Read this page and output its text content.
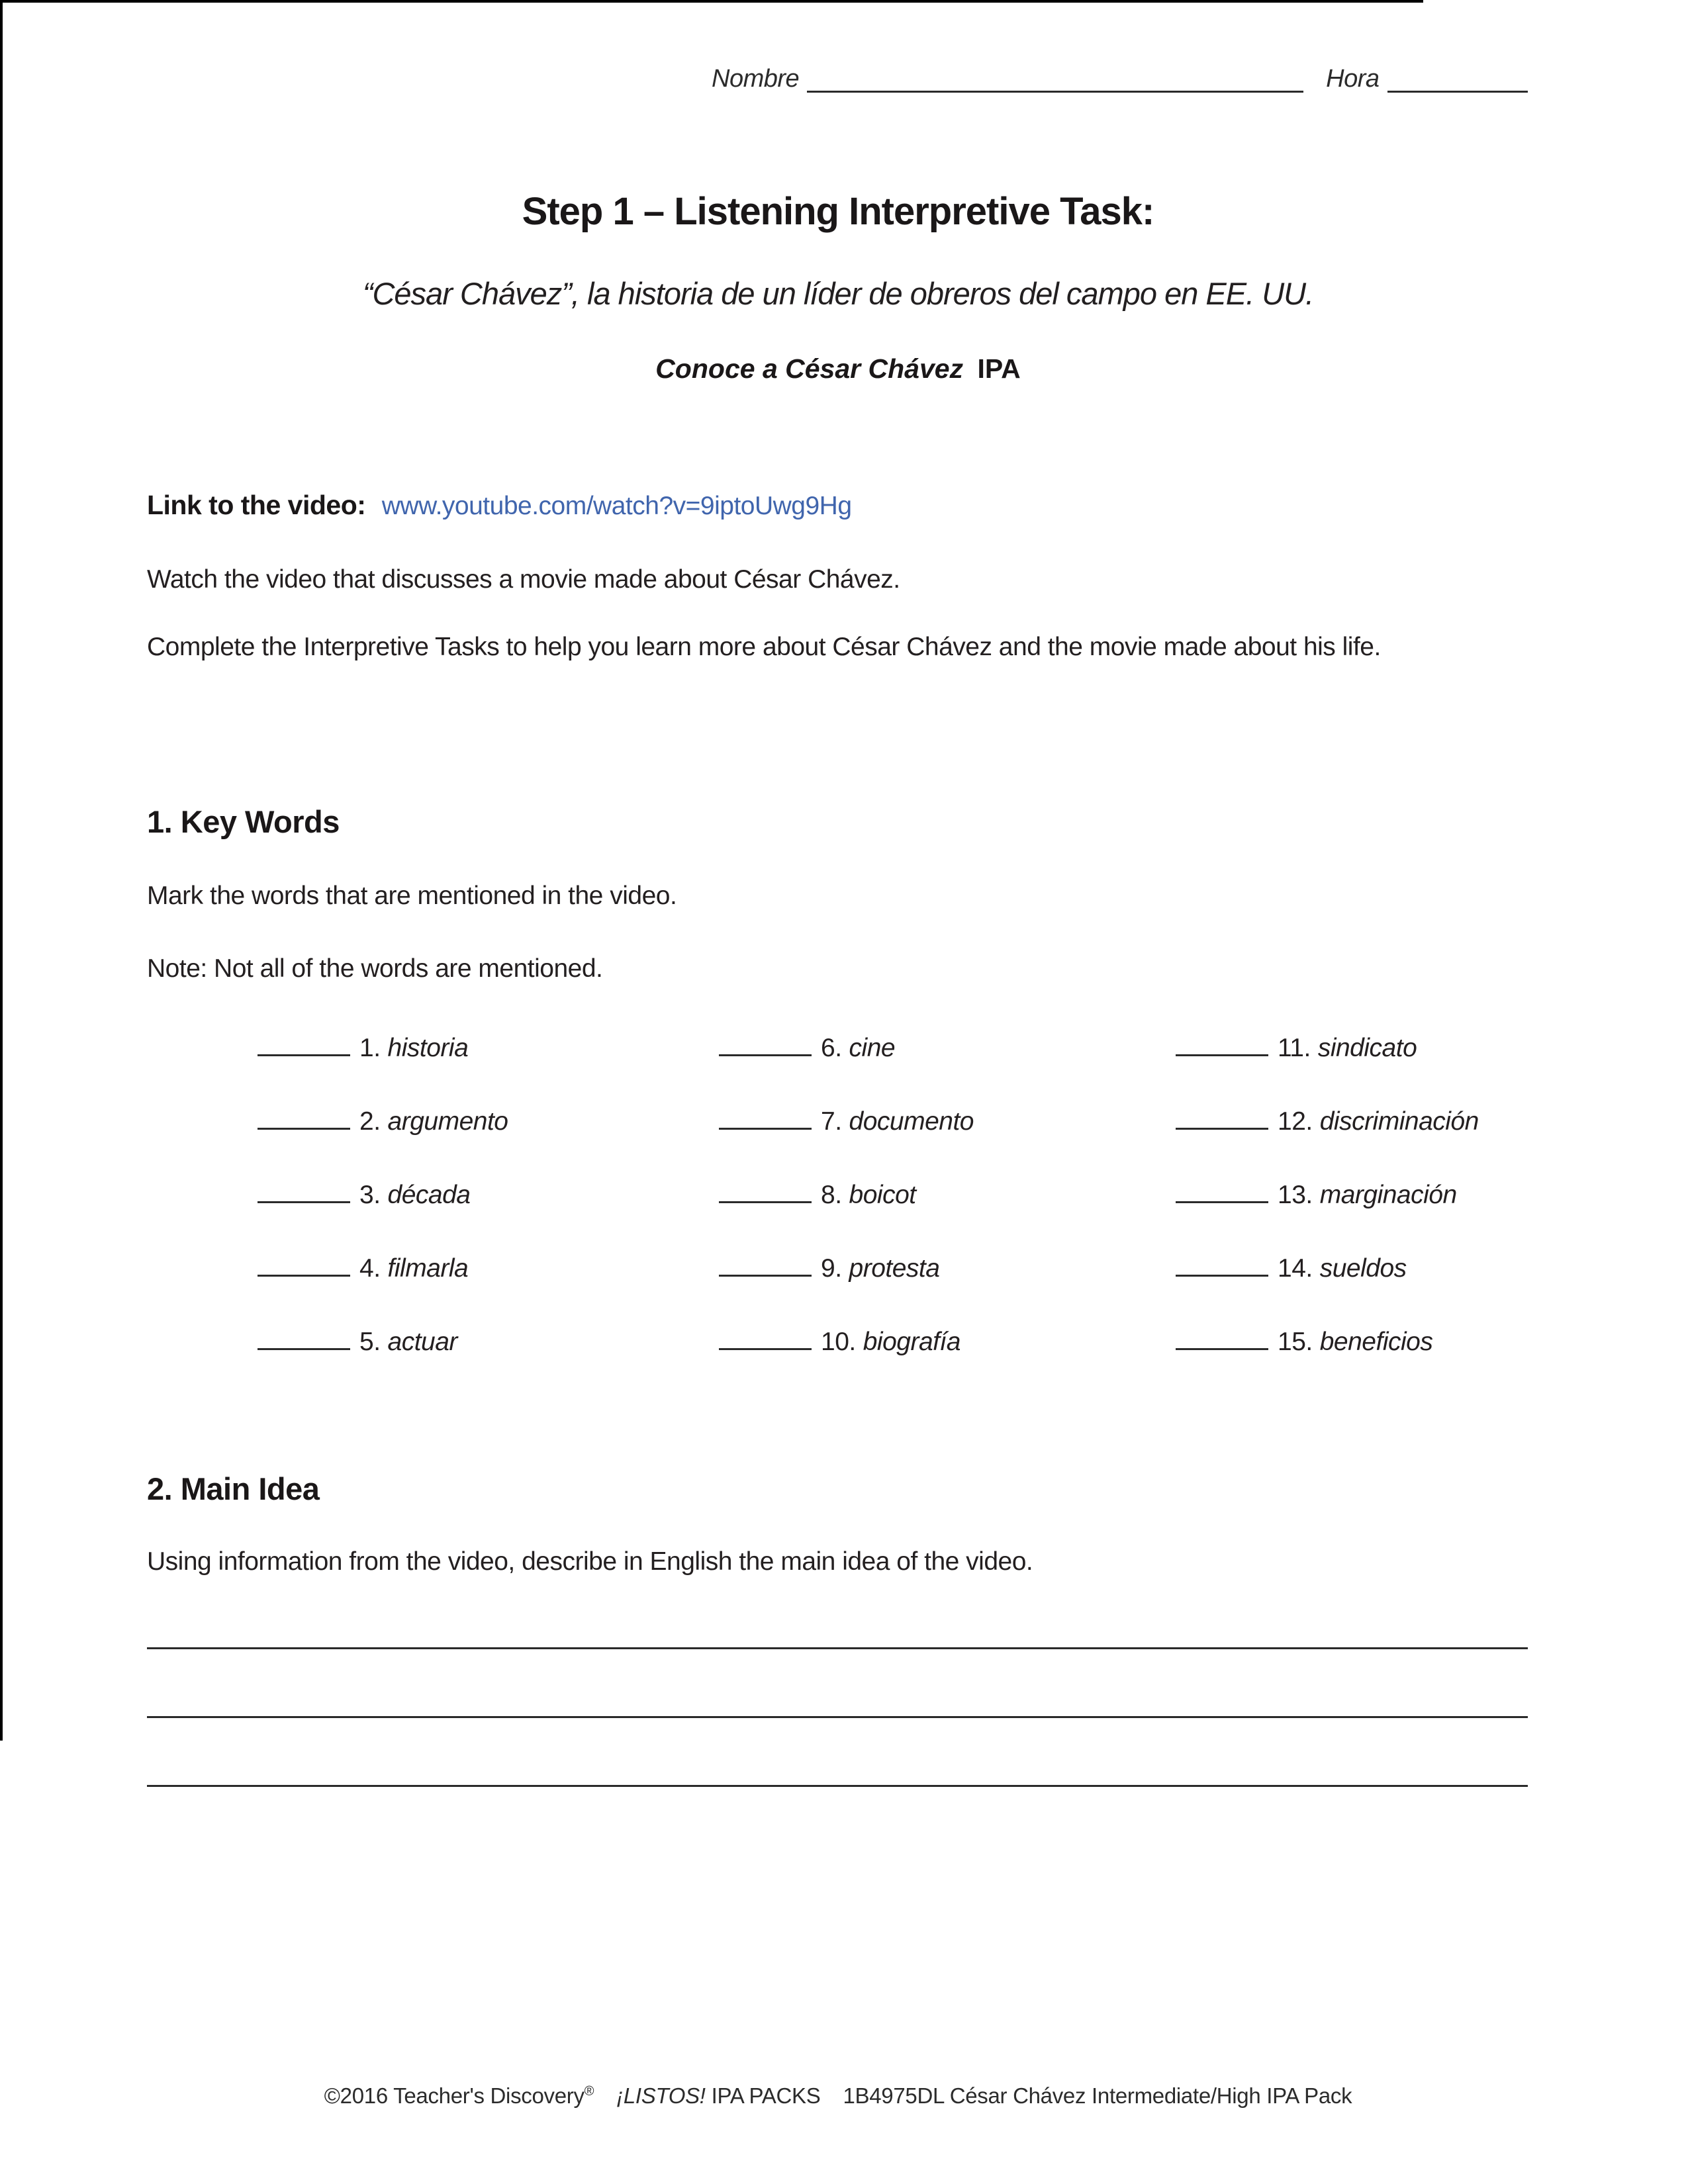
Nombre	Hora
Step 1 – Listening Interpretive Task:
“César Chávez”, la historia de un líder de obreros del campo en EE. UU.
Conoce a César Chávez IPA
Link to the video: www.youtube.com/watch?v=9iptoUwg9Hg
Watch the video that discusses a movie made about César Chávez.
Complete the Interpretive Tasks to help you learn more about César Chávez and the movie made about his life.
1. Key Words
Mark the words that are mentioned in the video.
Note: Not all of the words are mentioned.
1. historia
2. argumento
3. década
4. filmarla
5. actuar
6. cine
7. documento
8. boicot
9. protesta
10. biografía
11. sindicato
12. discriminación
13. marginación
14. sueldos
15. beneficios
2. Main Idea
Using information from the video, describe in English the main idea of the video.
©2016 Teacher's Discovery® ¡LISTOS! IPA PACKS 1B4975DL César Chávez Intermediate/High IPA Pack
